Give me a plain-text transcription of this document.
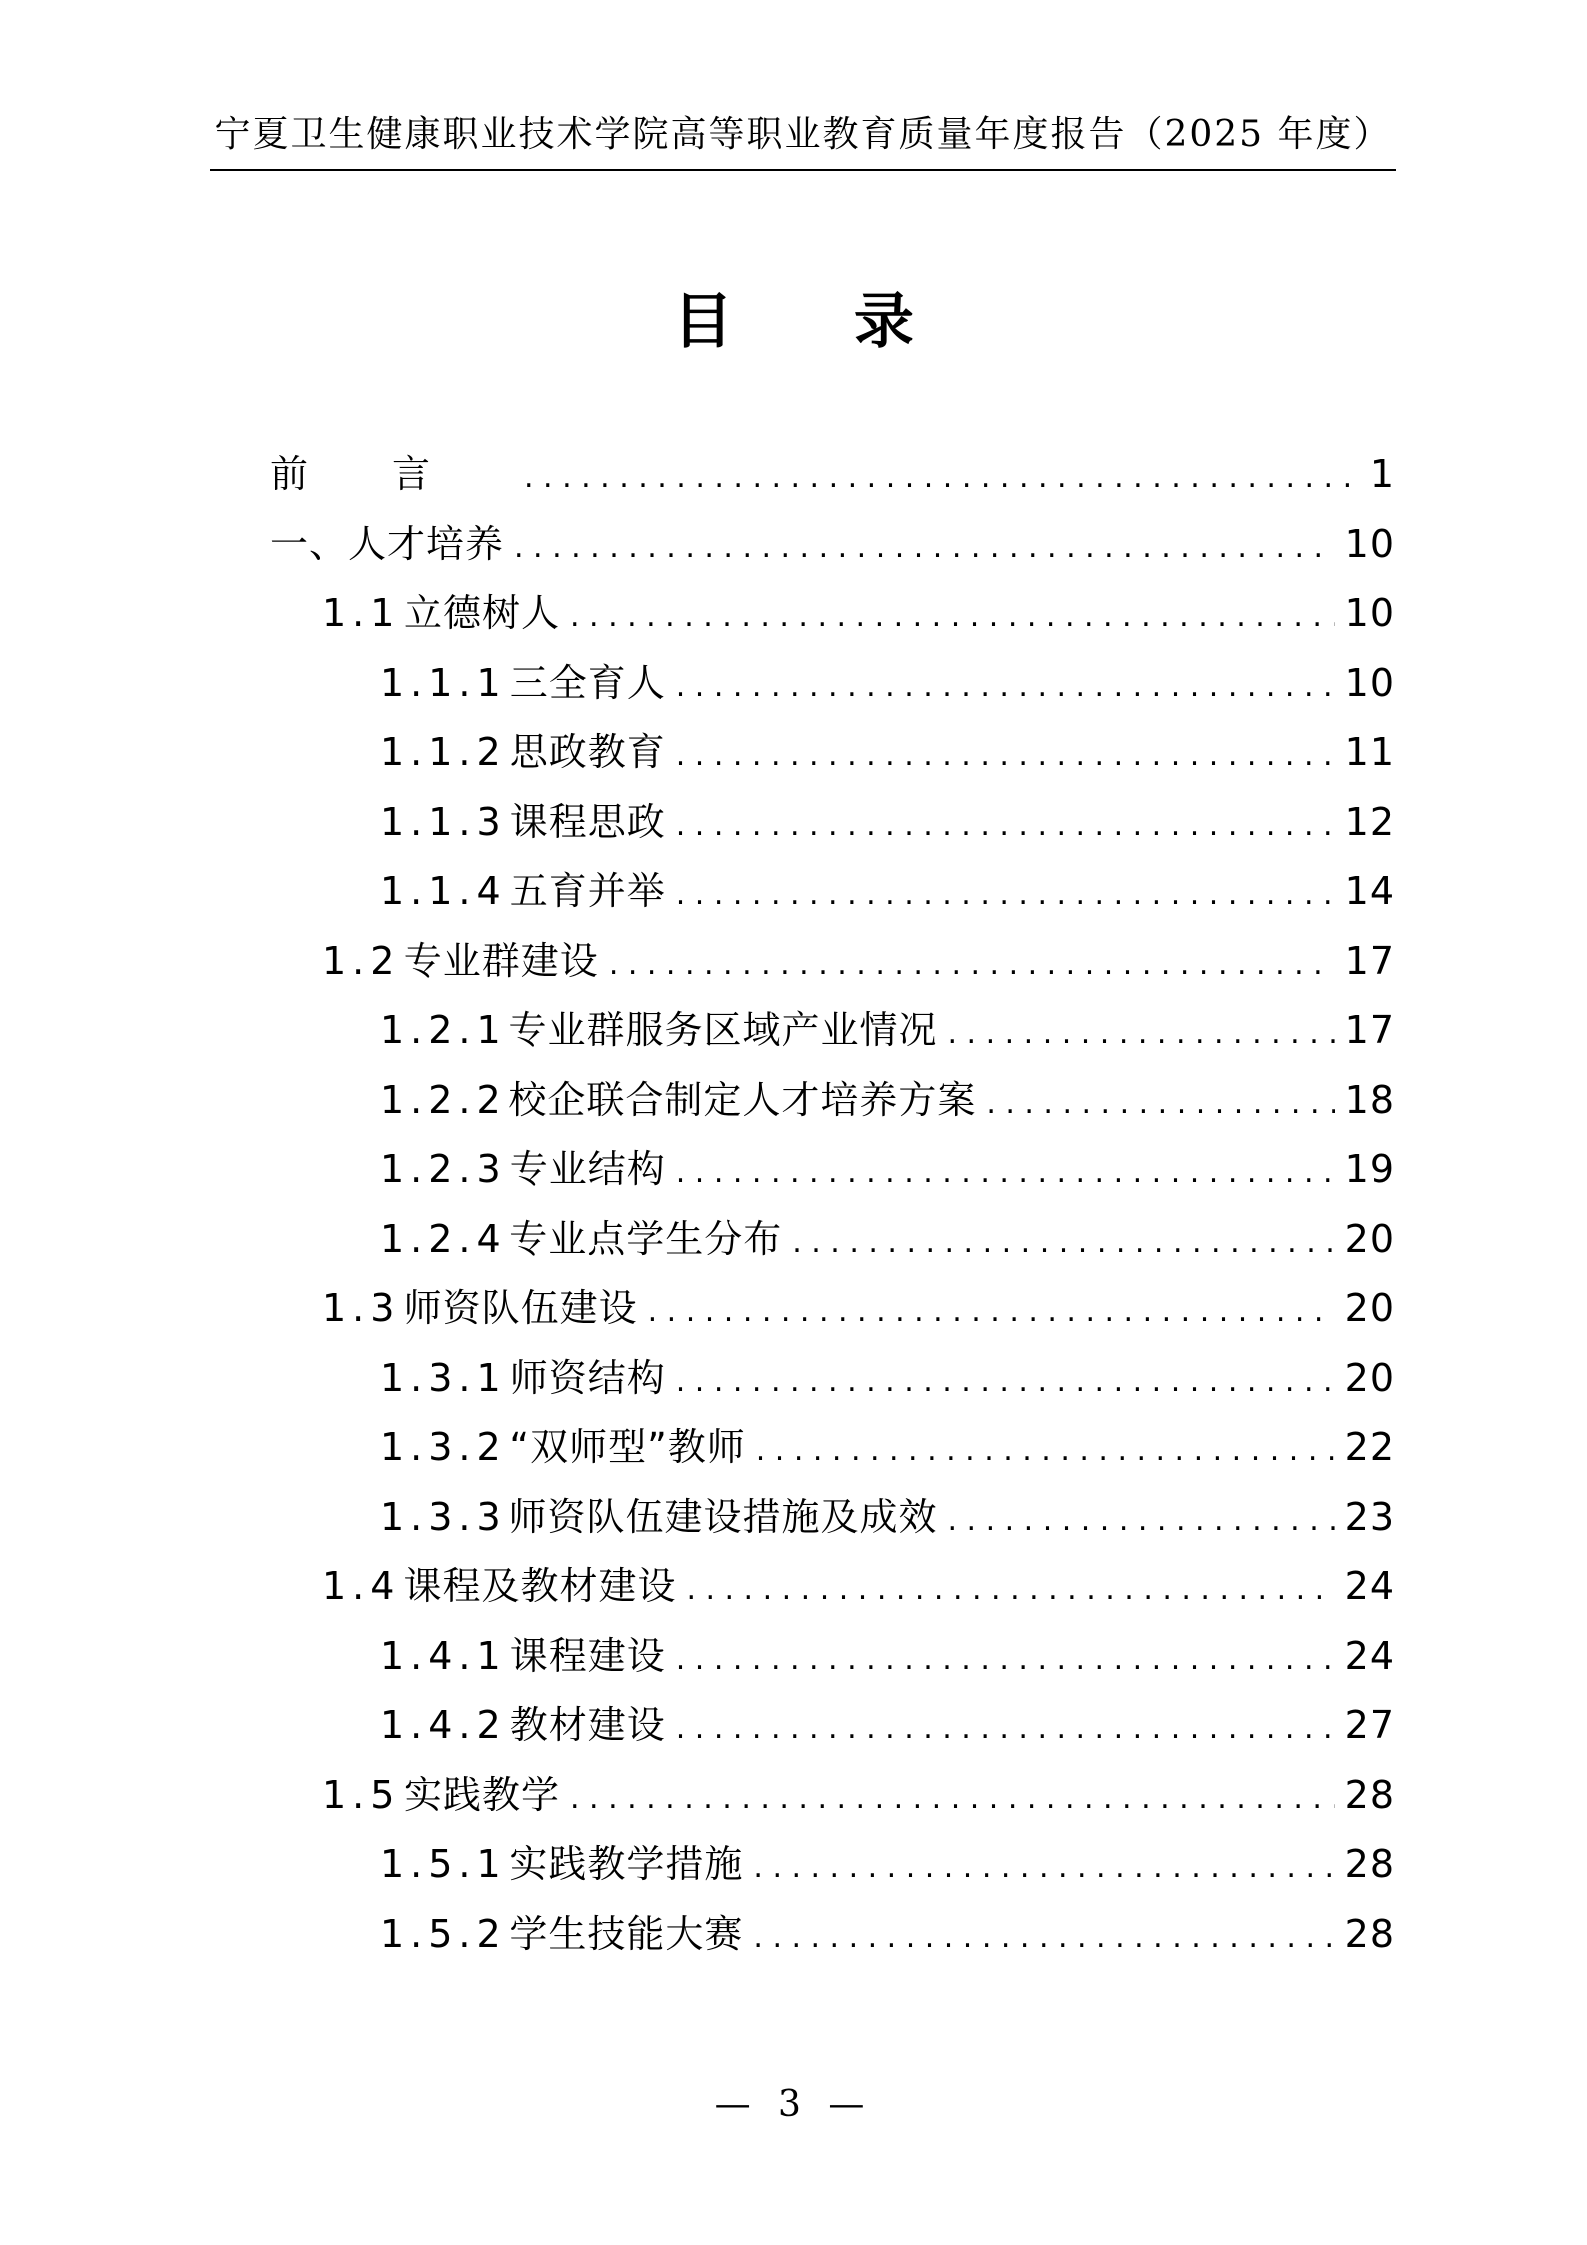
宁夏卫生健康职业技术学院高等职业教育质量年度报告（2025 年度）
目 录
前言 .....	1
一、人才培养 .....	10
1.1 立德树人 .....	10
1.1.1 三全育人 .....	10
1.1.2 思政教育 .....	11
1.1.3 课程思政 .....	12
1.1.4 五育并举 .....	14
1.2 专业群建设 .....	17
1.2.1 专业群服务区域产业情况 .....	17
1.2.2 校企联合制定人才培养方案 .....	18
1.2.3 专业结构 .....	19
1.2.4 专业点学生分布 .....	20
1.3 师资队伍建设 .....	20
1.3.1 师资结构 .....	20
1.3.2 “双师型”教师 .....	22
1.3.3 师资队伍建设措施及成效 .....	23
1.4 课程及教材建设 .....	24
1.4.1 课程建设 .....	24
1.4.2 教材建设 .....	27
1.5 实践教学 .....	28
1.5.1 实践教学措施 .....	28
1.5.2 学生技能大赛 .....	28
— 3 —
